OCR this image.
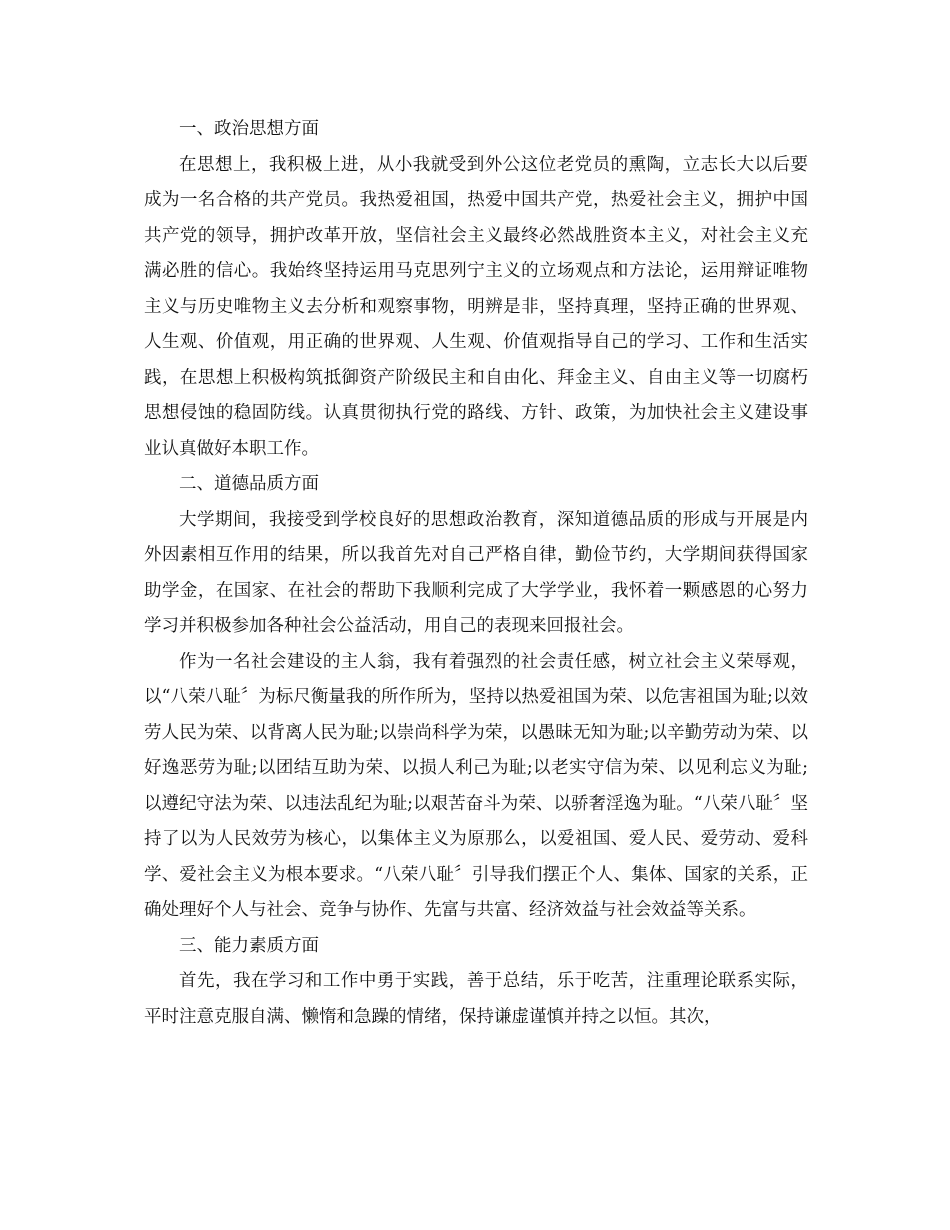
一、政治思想方面

在思想上，我积极上进，从小我就受到外公这位老党员的熏陶，立志长大以后要成为一名合格的共产党员。我热爱祖国，热爱中国共产党，热爱社会主义，拥护中国共产党的领导，拥护改革开放，坚信社会主义最终必然战胜资本主义，对社会主义充满必胜的信心。我始终坚持运用马克思列宁主义的立场观点和方法论，运用辩证唯物主义与历史唯物主义去分析和观察事物，明辨是非，坚持真理，坚持正确的世界观、人生观、价值观，用正确的世界观、人生观、价值观指导自己的学习、工作和生活实践，在思想上积极构筑抵御资产阶级民主和自由化、拜金主义、自由主义等一切腐朽思想侵蚀的稳固防线。认真贯彻执行党的路线、方针、政策，为加快社会主义建设事业认真做好本职工作。

二、道德品质方面

大学期间，我接受到学校良好的思想政治教育，深知道德品质的形成与开展是内外因素相互作用的结果，所以我首先对自己严格自律，勤俭节约，大学期间获得国家助学金，在国家、在社会的帮助下我顺利完成了大学学业，我怀着一颗感恩的心努力学习并积极参加各种社会公益活动，用自己的表现来回报社会。

作为一名社会建设的主人翁，我有着强烈的社会责任感，树立社会主义荣辱观，以“八荣八耻〞为标尺衡量我的所作所为，坚持以热爱祖国为荣、以危害祖国为耻;以效劳人民为荣、以背离人民为耻;以崇尚科学为荣，以愚昧无知为耻;以辛勤劳动为荣、以好逸恶劳为耻;以团结互助为荣、以损人利己为耻;以老实守信为荣、以见利忘义为耻;以遵纪守法为荣、以违法乱纪为耻;以艰苦奋斗为荣、以骄奢淫逸为耻。“八荣八耻〞坚持了以为人民效劳为核心，以集体主义为原那么，以爱祖国、爱人民、爱劳动、爱科学、爱社会主义为根本要求。“八荣八耻〞引导我们摆正个人、集体、国家的关系，正确处理好个人与社会、竞争与协作、先富与共富、经济效益与社会效益等关系。

三、能力素质方面

首先，我在学习和工作中勇于实践，善于总结，乐于吃苦，注重理论联系实际，平时注意克服自满、懒惰和急躁的情绪，保持谦虚谨慎并持之以恒。其次，
